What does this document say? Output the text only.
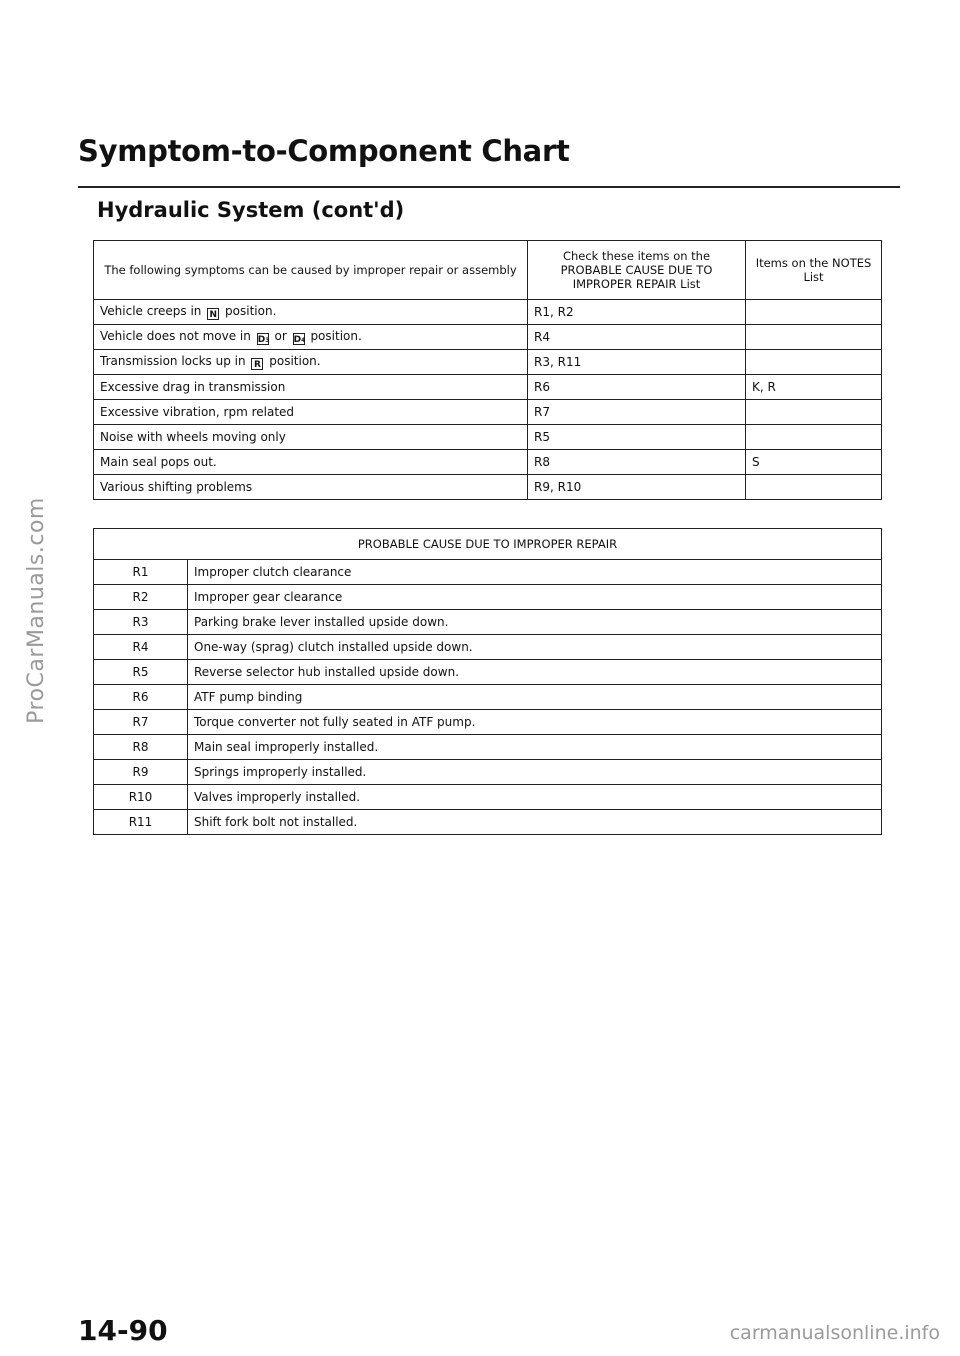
ProCarManuals.com
Symptom-to-Component Chart
Hydraulic System (cont'd)
The following symptoms can be caused by improper repair or assembly	Check these items on the PROBABLE CAUSE DUE TO IMPROPER REPAIR List	Items on the NOTES List
Vehicle creeps in N position.	R1, R2	
Vehicle does not move in D3 or D4 position.	R4	
Transmission locks up in R position.	R3, R11	
Excessive drag in transmission	R6	K, R
Excessive vibration, rpm related	R7	
Noise with wheels moving only	R5	
Main seal pops out.	R8	S
Various shifting problems	R9, R10	
PROBABLE CAUSE DUE TO IMPROPER REPAIR	
R1	Improper clutch clearance
R2	Improper gear clearance
R3	Parking brake lever installed upside down.
R4	One-way (sprag) clutch installed upside down.
R5	Reverse selector hub installed upside down.
R6	ATF pump binding
R7	Torque converter not fully seated in ATF pump.
R8	Main seal improperly installed.
R9	Springs improperly installed.
R10	Valves improperly installed.
R11	Shift fork bolt not installed.
14-90	carmanualsonline.info
